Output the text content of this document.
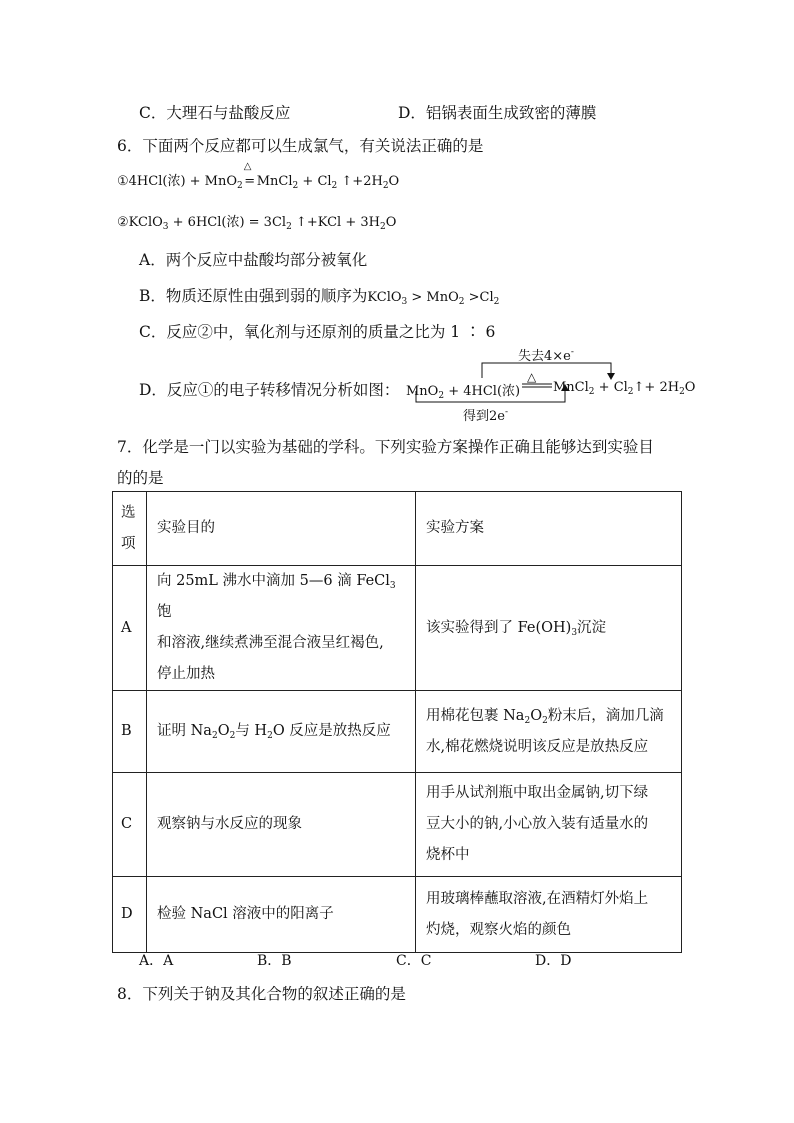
C．大理石与盐酸反应	D．铝锅表面生成致密的薄膜
6．下面两个反应都可以生成氯气，有关说法正确的是
①4HCl(浓) + MnO$_2$
△
= MnCl$_2$ + $Cl_2$ $↑+2H_2O$
②KClO$_3$ + 6HCl(浓) = $3Cl_2$ ↑+KCl + $3H_2O$
A．两个反应中盐酸均部分被氧化
B．物质还原性由强到弱的顺序为KClO$_3$ > $MnO_2 >Cl_2$
C．反应②中，氧化剂与还原剂的质量之比为 1 ∶ 6
D．反应①的电子转移情况分析如图：
失去4×e-
△
MnO$_2$ + 4HCl(浓)	MnCl$_2$ + $Cl_2↑+ 2H_2O$
得到2e-
7．化学是一门以实验为基础的学科。下列实验方案操作正确且能够达到实验目
的的是
选
项	实验目的	实验方案
A	向 25mL 沸水中滴加 5—6 滴 FeCl$_3$ 饱
和溶液,继续煮沸至混合液呈红褐色,
停止加热	该实验得到了 $Fe(OH)_3$沉淀
B	证明 $Na_2O_2$与 $H_2O$ 反应是放热反应	用棉花包裹 $Na_2O_2$粉末后，滴加几滴
水,棉花燃烧说明该反应是放热反应

C	观察钠与水反应的现象	用手从试剂瓶中取出金属钠,切下绿
豆大小的钠,小心放入装有适量水的
烧杯中

D	检验 NaCl 溶液中的阳离子	用玻璃棒蘸取溶液,在酒精灯外焰上
灼烧，观察火焰的颜色
A．A	B．B	C．C	D．D
8．下列关于钠及其化合物的叙述正确的是
